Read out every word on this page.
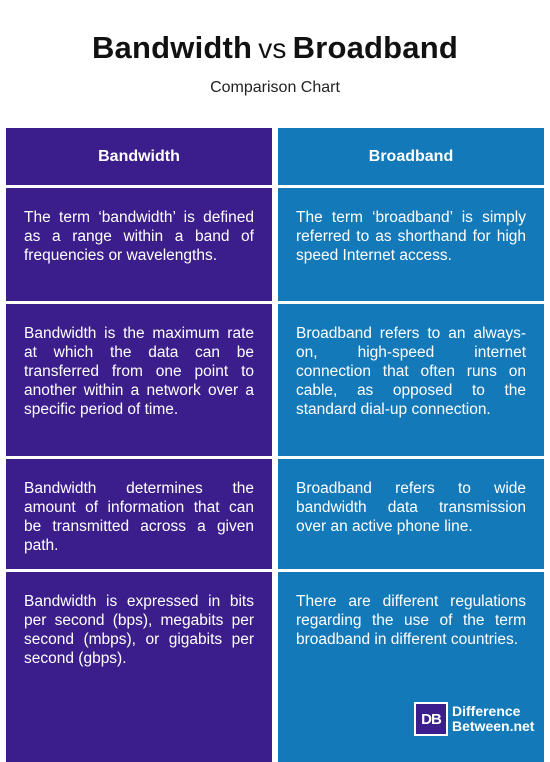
Bandwidth vs Broadband
Comparison Chart
Bandwidth
The term ‘bandwidth’ is defined as a range within a band of frequencies or wavelengths.
Bandwidth is the maximum rate at which the data can be transferred from one point to another within a network over a specific period of time.
Bandwidth determines the amount of information that can be transmitted across a given path.
Bandwidth is expressed in bits per second (bps), megabits per second (mbps), or gigabits per second (gbps).
Broadband
The term ‘broadband’ is simply referred to as shorthand for high speed Internet access.
Broadband refers to an always-on, high-speed internet connection that often runs on cable, as opposed to the standard dial-up connection.
Broadband refers to wide bandwidth data transmission over an active phone line.
There are different regulations regarding the use of the term broadband in different countries.
DB Difference
Between.net
